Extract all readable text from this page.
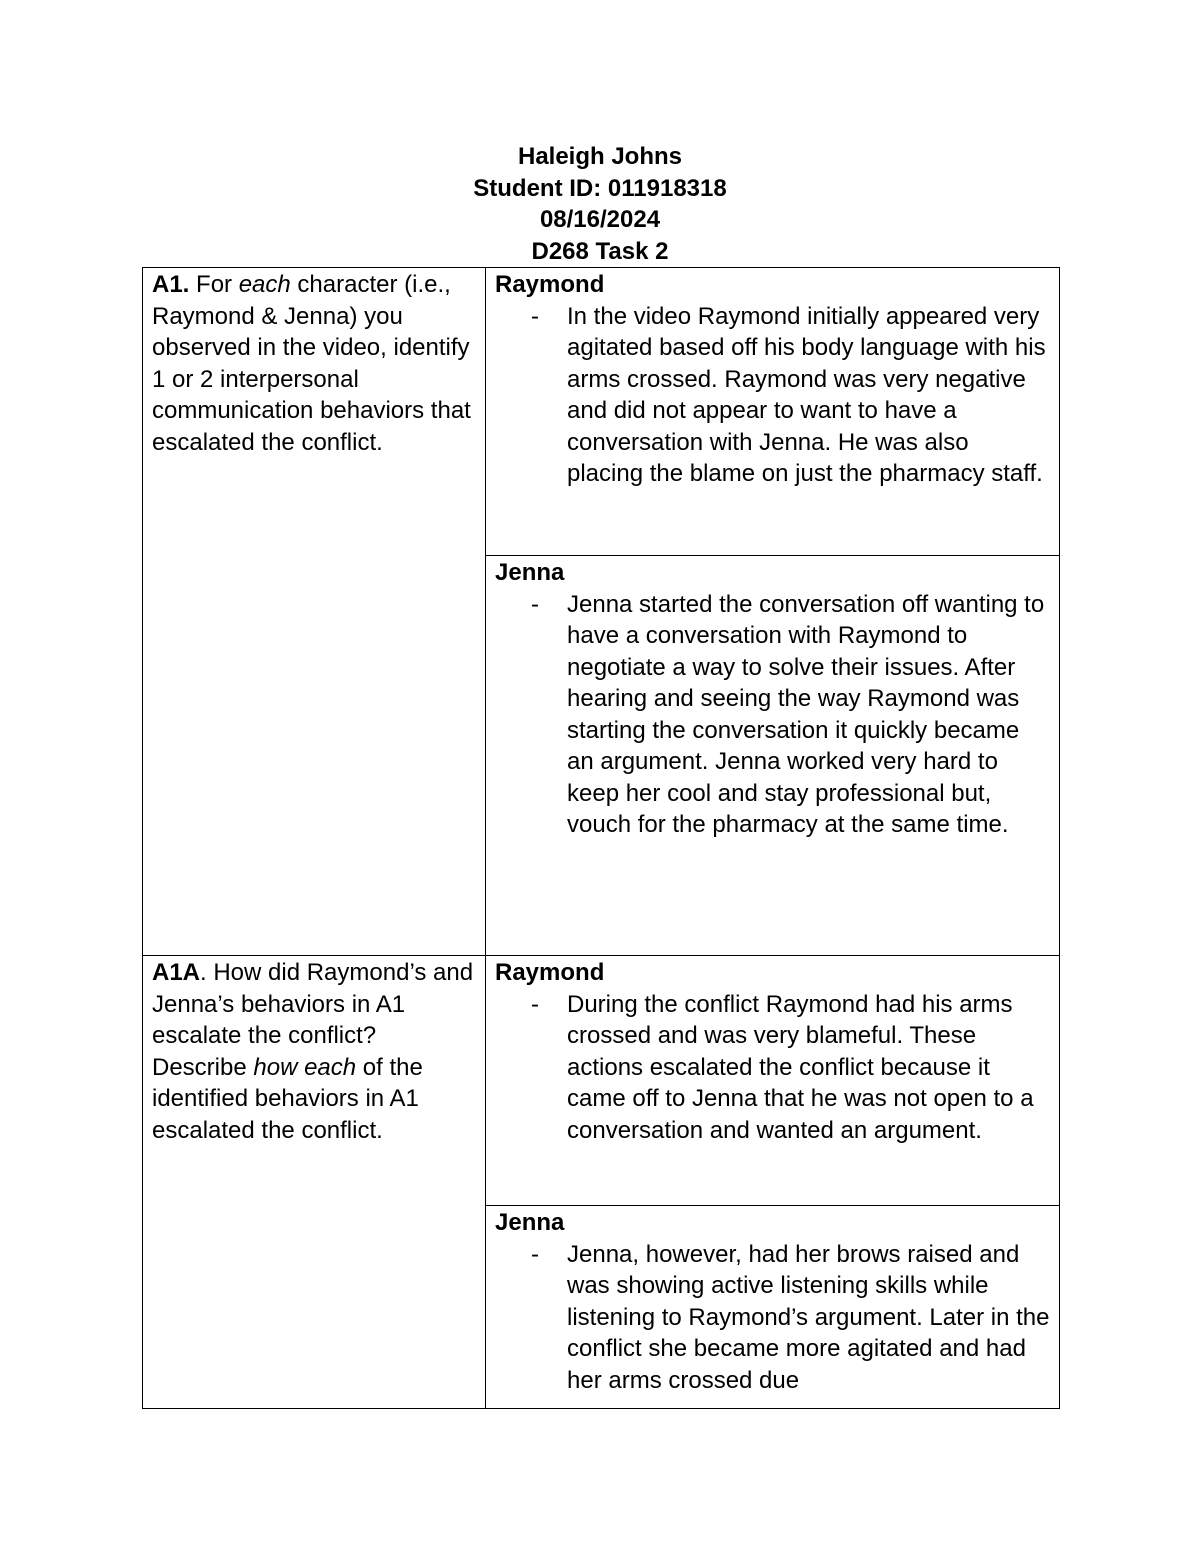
Haleigh Johns
Student ID: 011918318
08/16/2024
D268 Task 2
A1. For each character (i.e., Raymond & Jenna) you observed in the video, identify 1 or 2 interpersonal communication behaviors that escalated the conflict.	Raymond
- In the video Raymond initially appeared very agitated based off his body language with his arms crossed. Raymond was very negative and did not appear to want to have a conversation with Jenna. He was also placing the blame on just the pharmacy staff.

	Jenna
- Jenna started the conversation off wanting to have a conversation with Raymond to negotiate a way to solve their issues. After hearing and seeing the way Raymond was starting the conversation it quickly became an argument. Jenna worked very hard to keep her cool and stay professional but, vouch for the pharmacy at the same time.

A1A. How did Raymond’s and Jenna’s behaviors in A1 escalate the conflict? Describe how each of the identified behaviors in A1 escalated the conflict.	Raymond
- During the conflict Raymond had his arms crossed and was very blameful. These actions escalated the conflict because it came off to Jenna that he was not open to a conversation and wanted an argument.

	Jenna
- Jenna, however, had her brows raised and was showing active listening skills while listening to Raymond’s argument. Later in the conflict she became more agitated and had her arms crossed due
